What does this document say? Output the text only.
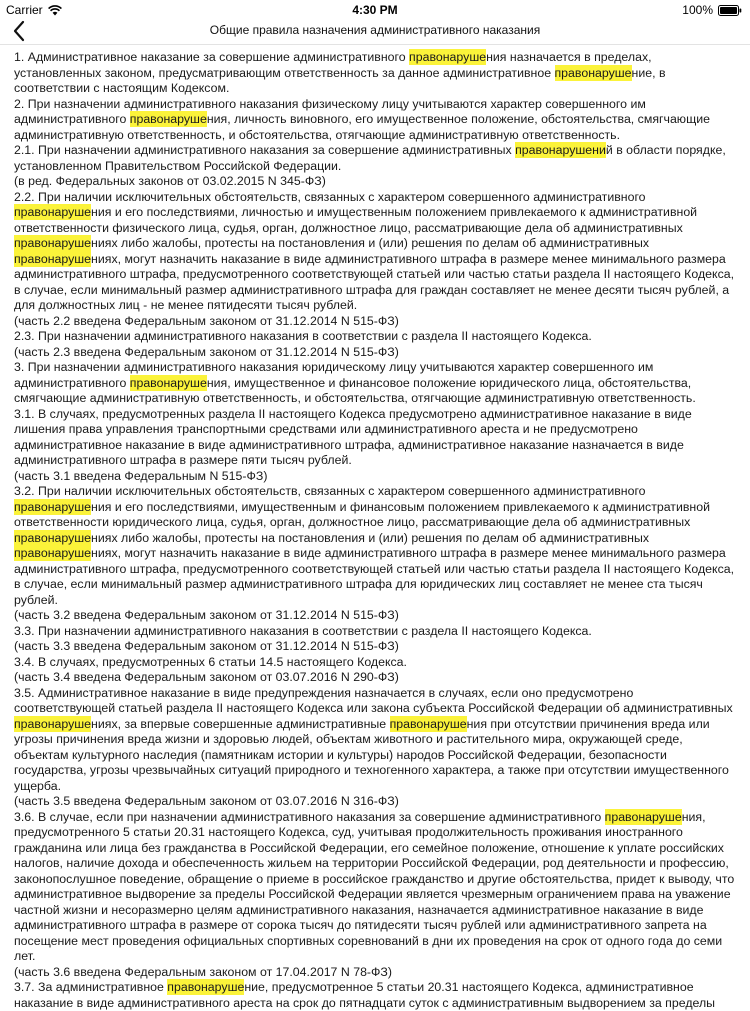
Carrier	4:30 PM	100%
Общие правила назначения административного наказания

1. Административное наказание за совершение административного правонарушения назначается в пределах, установленных законом, предусматривающим ответственность за данное административное правонарушение, в соответствии с настоящим Кодексом.

2. При назначении административного наказания физическому лицу учитываются характер совершенного им административного правонарушения, личность виновного, его имущественное положение, обстоятельства, смягчающие административную ответственность, и обстоятельства, отягчающие административную ответственность.

2.1. При назначении административного наказания за совершение административных правонарушений в области порядке, установленном Правительством Российской Федерации.

(в ред. Федеральных законов от 03.02.2015 N 345-ФЗ)

2.2. При наличии исключительных обстоятельств, связанных с характером совершенного административного правонарушения и его последствиями, личностью и имущественным положением привлекаемого к административной ответственности физического лица, судья, орган, должностное лицо, рассматривающие дела об административных правонарушениях либо жалобы, протесты на постановления и (или) решения по делам об административных правонарушениях, могут назначить наказание в виде административного штрафа в размере менее минимального размера административного штрафа, предусмотренного соответствующей статьей или частью статьи раздела II настоящего Кодекса, в случае, если минимальный размер административного штрафа для граждан составляет не менее десяти тысяч рублей, а для должностных лиц - не менее пятидесяти тысяч рублей.

(часть 2.2 введена Федеральным законом от 31.12.2014 N 515-ФЗ)

2.3. При назначении административного наказания в соответствии с раздела II настоящего Кодекса.

(часть 2.3 введена Федеральным законом от 31.12.2014 N 515-ФЗ)

3. При назначении административного наказания юридическому лицу учитываются характер совершенного им административного правонарушения, имущественное и финансовое положение юридического лица, обстоятельства, смягчающие административную ответственность, и обстоятельства, отягчающие административную ответственность.

3.1. В случаях, предусмотренных раздела II настоящего Кодекса предусмотрено административное наказание в виде лишения права управления транспортными средствами или административного ареста и не предусмотрено административное наказание в виде административного штрафа, административное наказание назначается в виде административного штрафа в размере пяти тысяч рублей.

(часть 3.1 введена Федеральным N 515-ФЗ)

3.2. При наличии исключительных обстоятельств, связанных с характером совершенного административного правонарушения и его последствиями, имущественным и финансовым положением привлекаемого к административной ответственности юридического лица, судья, орган, должностное лицо, рассматривающие дела об административных правонарушениях либо жалобы, протесты на постановления и (или) решения по делам об административных правонарушениях, могут назначить наказание в виде административного штрафа в размере менее минимального размера административного штрафа, предусмотренного соответствующей статьей или частью статьи раздела II настоящего Кодекса, в случае, если минимальный размер административного штрафа для юридических лиц составляет не менее ста тысяч рублей.

(часть 3.2 введена Федеральным законом от 31.12.2014 N 515-ФЗ)

3.3. При назначении административного наказания в соответствии с раздела II настоящего Кодекса.

(часть 3.3 введена Федеральным законом от 31.12.2014 N 515-ФЗ)

3.4. В случаях, предусмотренных 6 статьи 14.5 настоящего Кодекса.

(часть 3.4 введена Федеральным законом от 03.07.2016 N 290-ФЗ)

3.5. Административное наказание в виде предупреждения назначается в случаях, если оно предусмотрено соответствующей статьей раздела II настоящего Кодекса или закона субъекта Российской Федерации об административных правонарушениях, за впервые совершенные административные правонарушения при отсутствии причинения вреда или угрозы причинения вреда жизни и здоровью людей, объектам животного и растительного мира, окружающей среде, объектам культурного наследия (памятникам истории и культуры) народов Российской Федерации, безопасности государства, угрозы чрезвычайных ситуаций природного и техногенного характера, а также при отсутствии имущественного ущерба.

(часть 3.5 введена Федеральным законом от 03.07.2016 N 316-ФЗ)

3.6. В случае, если при назначении административного наказания за совершение административного правонарушения, предусмотренного 5 статьи 20.31 настоящего Кодекса, суд, учитывая продолжительность проживания иностранного гражданина или лица без гражданства в Российской Федерации, его семейное положение, отношение к уплате российских налогов, наличие дохода и обеспеченность жильем на территории Российской Федерации, род деятельности и профессию, законопослушное поведение, обращение о приеме в российское гражданство и другие обстоятельства, придет к выводу, что административное выдворение за пределы Российской Федерации является чрезмерным ограничением права на уважение частной жизни и несоразмерно целям административного наказания, назначается административное наказание в виде административного штрафа в размере от сорока тысяч до пятидесяти тысяч рублей или административного запрета на посещение мест проведения официальных спортивных соревнований в дни их проведения на срок от одного года до семи лет.

(часть 3.6 введена Федеральным законом от 17.04.2017 N 78-ФЗ)

3.7. За административное правонарушение, предусмотренное 5 статьи 20.31 настоящего Кодекса, административное наказание в виде административного ареста на срок до пятнадцати суток с административным выдворением за пределы
